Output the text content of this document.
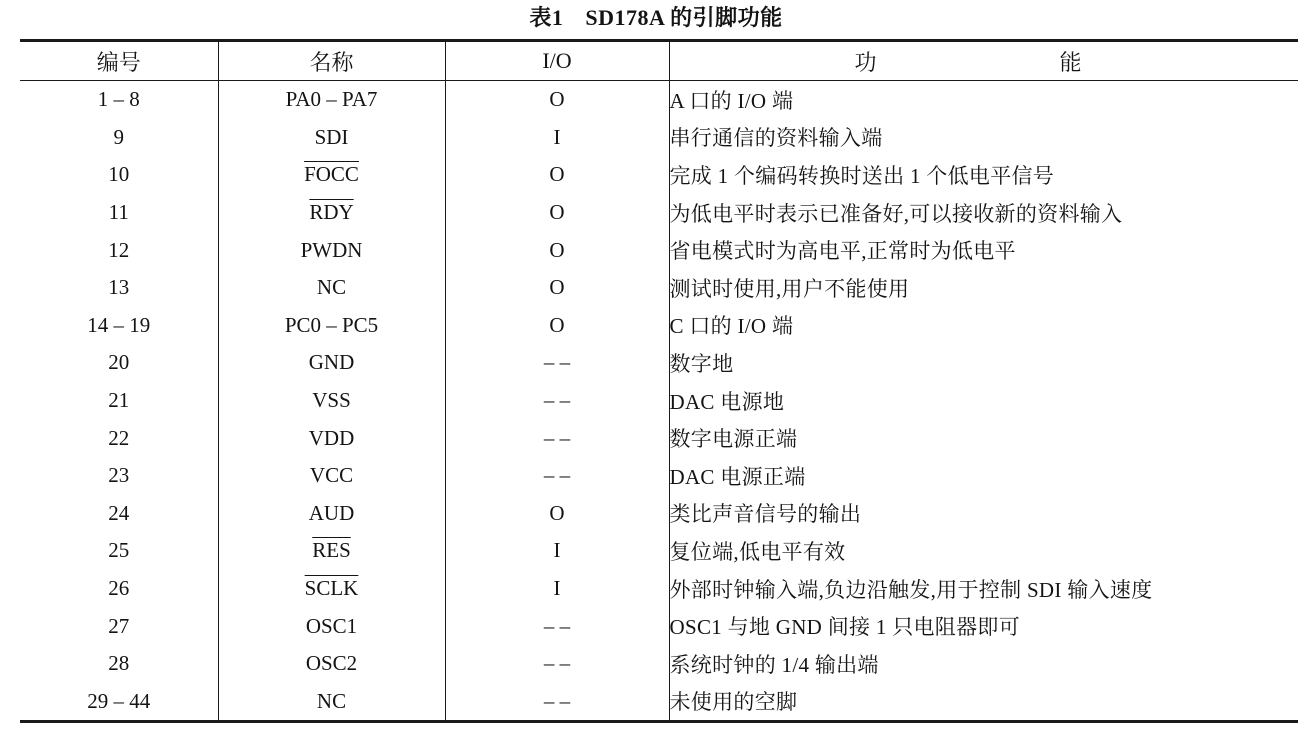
表1 SD178A 的引脚功能
编号	名称	I/O	功 能
1 – 8	PA0 – PA7	O	A 口的 I/O 端
9	SDI	I	串行通信的资料输入端
10	FOCC	O	完成 1 个编码转换时送出 1 个低电平信号
11	$\overline{RDY}$	O	为低电平时表示已准备好,可以接收新的资料输入
12	PWDN	O	省电模式时为高电平,正常时为低电平
13	NC	O	测试时使用,用户不能使用
14 – 19	PC0 – PC5	O	C 口的 I/O 端
20	GND	– –	数字地
21	VSS	– –	DAC 电源地
22	VDD	– –	数字电源正端
23	VCC	– –	DAC 电源正端
24	AUD	O	类比声音信号的输出
25	$\overline{RES}$	I	复位端,低电平有效
26	SCLK	I	外部时钟输入端,负边沿触发,用于控制 SDI 输入速度
27	OSC1	– –	OSC1 与地 GND 间接 1 只电阻器即可
28	OSC2	– –	系统时钟的 1/4 输出端
29 – 44	NC	– –	未使用的空脚
